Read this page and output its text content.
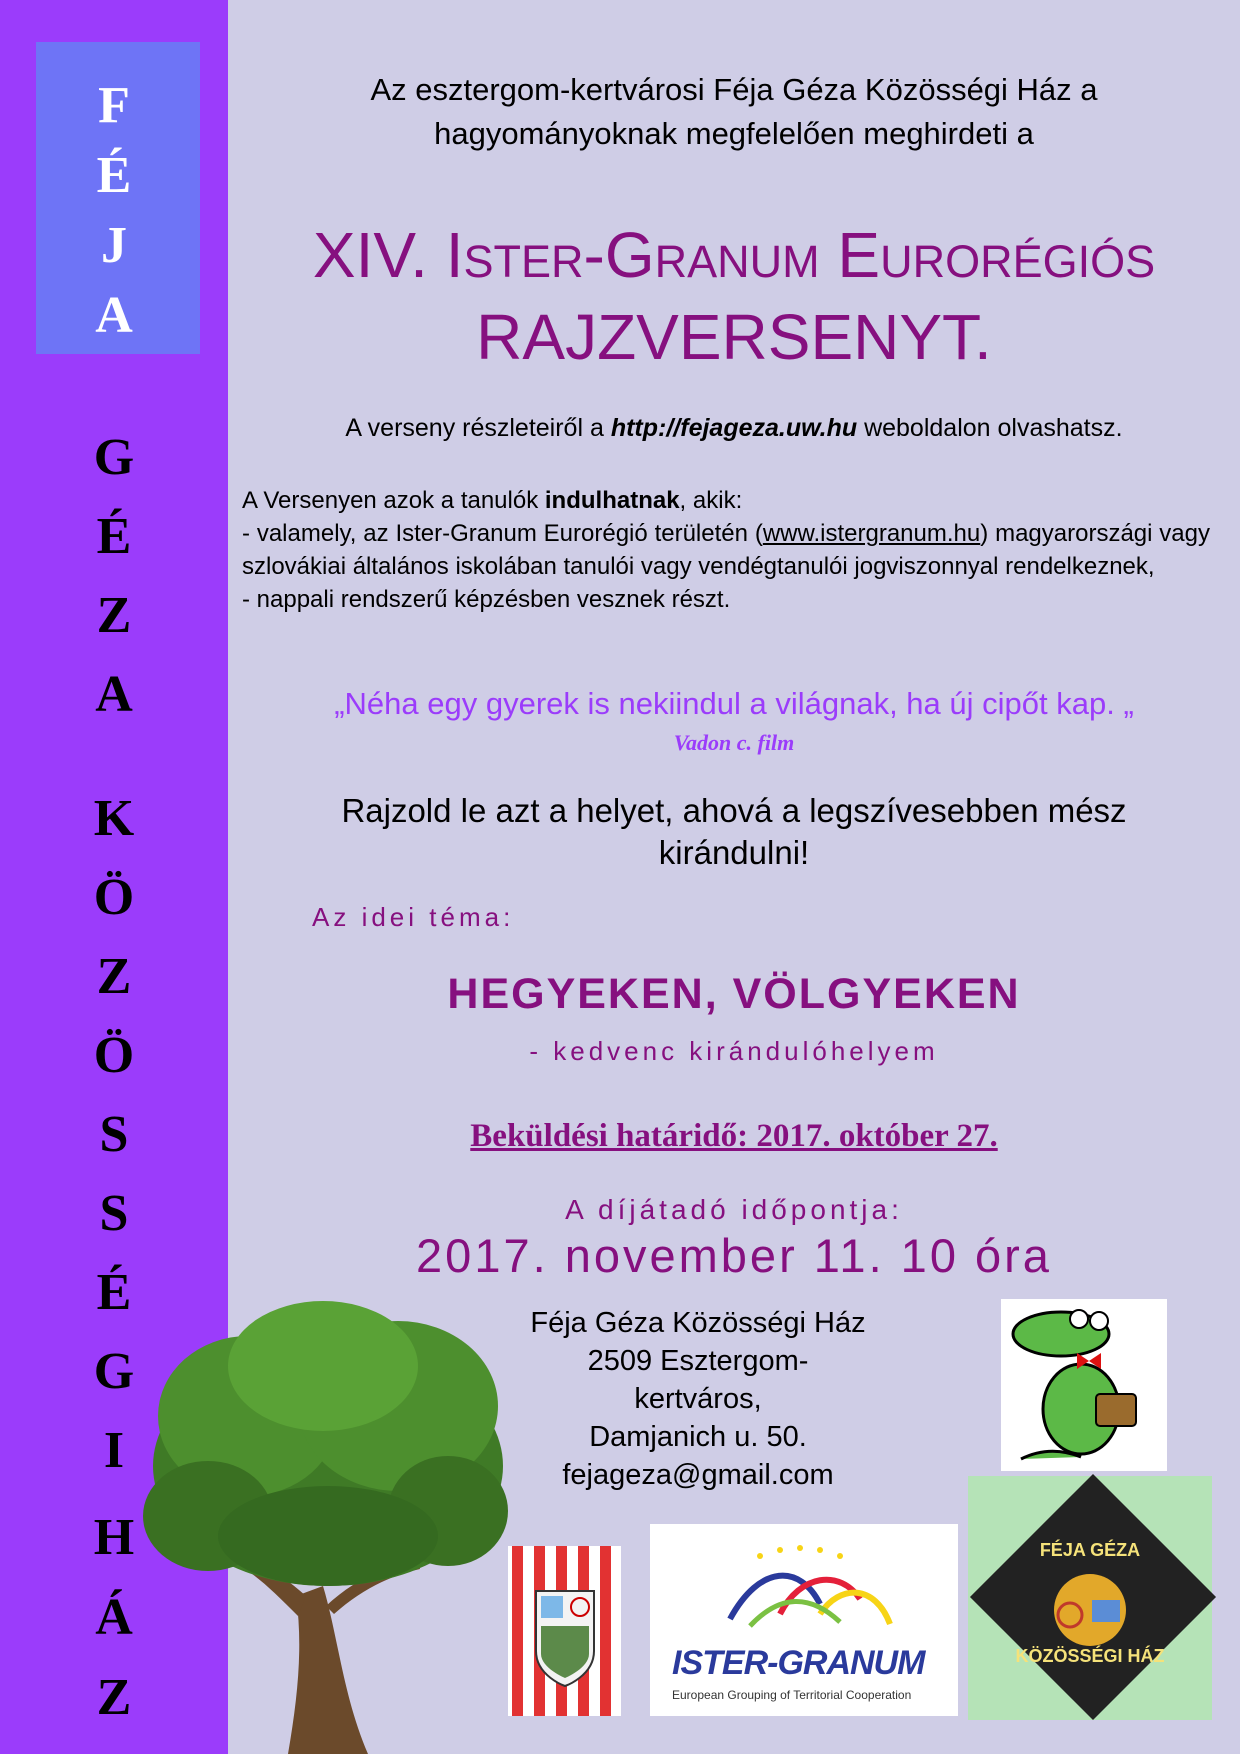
F
É
J
A
G
É
Z
A
K
Ö
Z
Ö
S
S
É
G
I
H
Á
Z
Az esztergom-kertvárosi Féja Géza Közösségi Ház a
hagyományoknak megfelelően meghirdeti a
XIV. Ister-Granum Eurorégiós
RAJZVERSENYT.
A verseny részleteiről a http://fejageza.uw.hu weboldalon olvashatsz.
A Versenyen azok a tanulók indulhatnak, akik:
- valamely, az Ister-Granum Eurorégió területén (www.istergranum.hu) magyarországi vagy szlovákiai általános iskolában tanulói vagy vendégtanulói jogviszonnyal rendelkeznek,
- nappali rendszerű képzésben vesznek részt.
„Néha egy gyerek is nekiindul a világnak, ha új cipőt kap. „
Vadon c. film
Rajzold le azt a helyet, ahová a legszívesebben mész
kirándulni!
Az idei téma:
HEGYEKEN, VÖLGYEKEN
- kedvenc kirándulóhelyem
Beküldési határidő: 2017. október 27.
A díjátadó időpontja:
2017. november 11. 10 óra
Féja Géza Közösségi Ház
2509 Esztergom-
kertváros,
Damjanich u. 50.
fejageza@gmail.com
FÉJA GÉZA
KÖZÖSSÉGI HÁZ
ISTER-GRANUM
European Grouping of Territorial Cooperation
